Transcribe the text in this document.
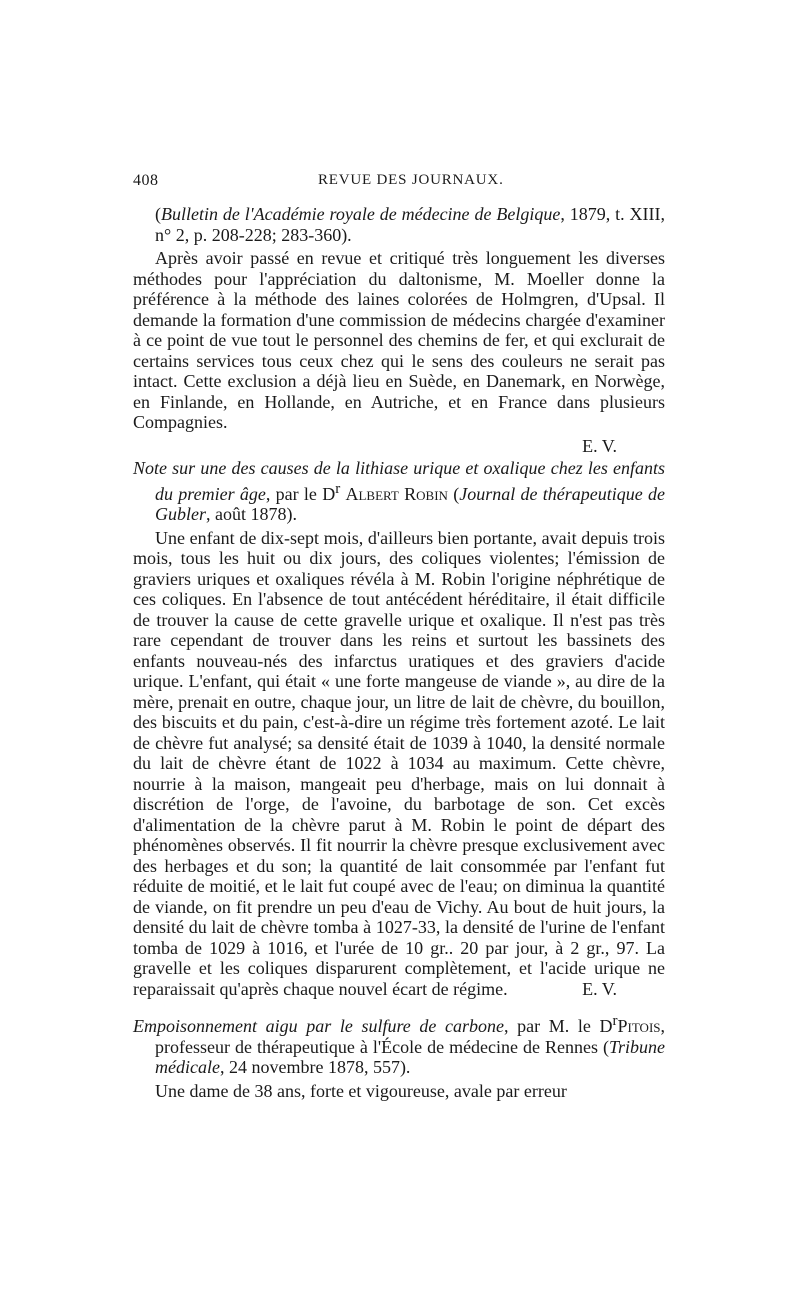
408	REVUE DES JOURNAUX.

(Bulletin de l'Académie royale de médecine de Belgique, 1879, t. XIII, n° 2, p. 208-228; 283-360).

Après avoir passé en revue et critiqué très longuement les diverses méthodes pour l'appréciation du daltonisme, M. Moeller donne la préférence à la méthode des laines colorées de Holmgren, d'Upsal. Il demande la formation d'une commission de médecins chargée d'examiner à ce point de vue tout le personnel des chemins de fer, et qui exclurait de certains services tous ceux chez qui le sens des couleurs ne serait pas intact. Cette exclusion a déjà lieu en Suède, en Danemark, en Norwège, en Finlande, en Hollande, en Autriche, et en France dans plusieurs Compagnies.

E. V.

Note sur une des causes de la lithiase urique et oxalique chez les enfants du premier âge, par le $D^r$ Albert Robin (Journal de thérapeutique de Gubler, août 1878).

Une enfant de dix-sept mois, d'ailleurs bien portante, avait depuis trois mois, tous les huit ou dix jours, des coliques violentes; l'émission de graviers uriques et oxaliques révéla à M. Robin l'origine néphrétique de ces coliques. En l'absence de tout antécédent héréditaire, il était difficile de trouver la cause de cette gravelle urique et oxalique. Il n'est pas très rare cependant de trouver dans les reins et surtout les bassinets des enfants nouveau-nés des infarctus uratiques et des graviers d'acide urique. L'enfant, qui était « une forte mangeuse de viande », au dire de la mère, prenait en outre, chaque jour, un litre de lait de chèvre, du bouillon, des biscuits et du pain, c'est-à-dire un régime très fortement azoté. Le lait de chèvre fut analysé; sa densité était de 1039 à 1040, la densité normale du lait de chèvre étant de 1022 à 1034 au maximum. Cette chèvre, nourrie à la maison, mangeait peu d'herbage, mais on lui donnait à discrétion de l'orge, de l'avoine, du barbotage de son. Cet excès d'alimentation de la chèvre parut à M. Robin le point de départ des phénomènes observés. Il fit nourrir la chèvre presque exclusivement avec des herbages et du son; la quantité de lait consommée par l'enfant fut réduite de moitié, et le lait fut coupé avec de l'eau; on diminua la quantité de viande, on fit prendre un peu d'eau de Vichy. Au bout de huit jours, la densité du lait de chèvre tomba à 1027-33, la densité de l'urine de l'enfant tomba de 1029 à 1016, et l'urée de 10 gr.. 20 par jour, à 2 gr., 97. La gravelle et les coliques disparurent complètement, et l'acide urique ne reparaissait qu'après chaque nouvel écart de régime.	E. V.

Empoisonnement aigu par le sulfure de carbone, par M. le $D^rPitois$, professeur de thérapeutique à l'École de médecine de Rennes (Tribune médicale, 24 novembre 1878, 557).

Une dame de 38 ans, forte et vigoureuse, avale par erreur
